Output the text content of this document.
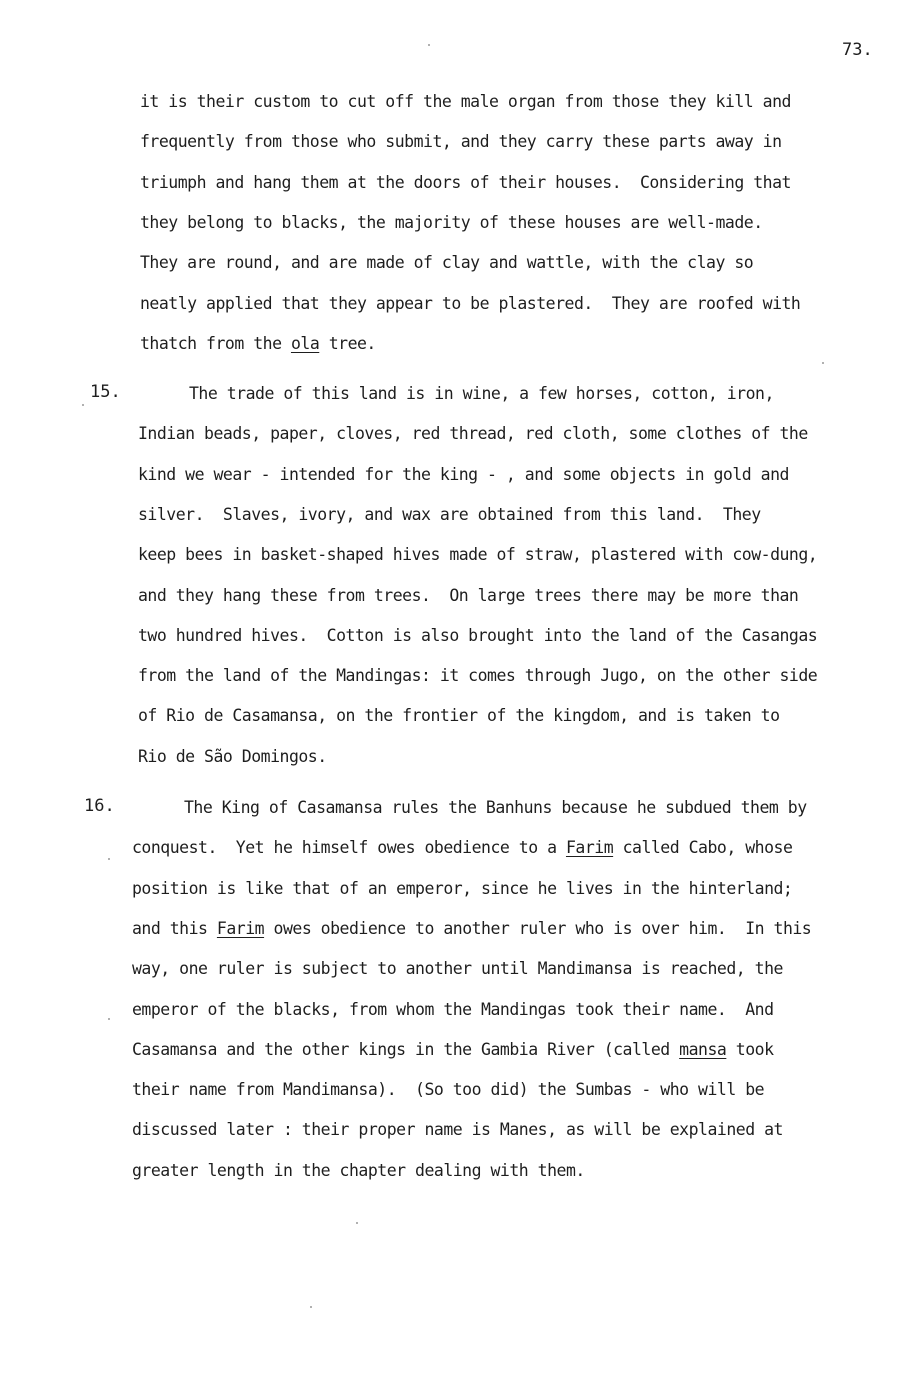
73.
it is their custom to cut off the male organ from those they kill and
frequently from those who submit, and they carry these parts away in
triumph and hang them at the doors of their houses.  Considering that
they belong to blacks, the majority of these houses are well-made.
They are round, and are made of clay and wattle, with the clay so
neatly applied that they appear to be plastered.  They are roofed with
thatch from the ola tree.
15.	The trade of this land is in wine, a few horses, cotton, iron,
Indian beads, paper, cloves, red thread, red cloth, some clothes of the
kind we wear - intended for the king - , and some objects in gold and
silver.  Slaves, ivory, and wax are obtained from this land.  They
keep bees in basket-shaped hives made of straw, plastered with cow-dung,
and they hang these from trees.  On large trees there may be more than
two hundred hives.  Cotton is also brought into the land of the Casangas
from the land of the Mandingas: it comes through Jugo, on the other side
of Rio de Casamansa, on the frontier of the kingdom, and is taken to
Rio de São Domingos.
16.	The King of Casamansa rules the Banhuns because he subdued them by
conquest.  Yet he himself owes obedience to a Farim called Cabo, whose
position is like that of an emperor, since he lives in the hinterland;
and this Farim owes obedience to another ruler who is over him.  In this
way, one ruler is subject to another until Mandimansa is reached, the
emperor of the blacks, from whom the Mandingas took their name.  And
Casamansa and the other kings in the Gambia River (called mansa took
their name from Mandimansa).  (So too did) the Sumbas - who will be
discussed later : their proper name is Manes, as will be explained at
greater length in the chapter dealing with them.
